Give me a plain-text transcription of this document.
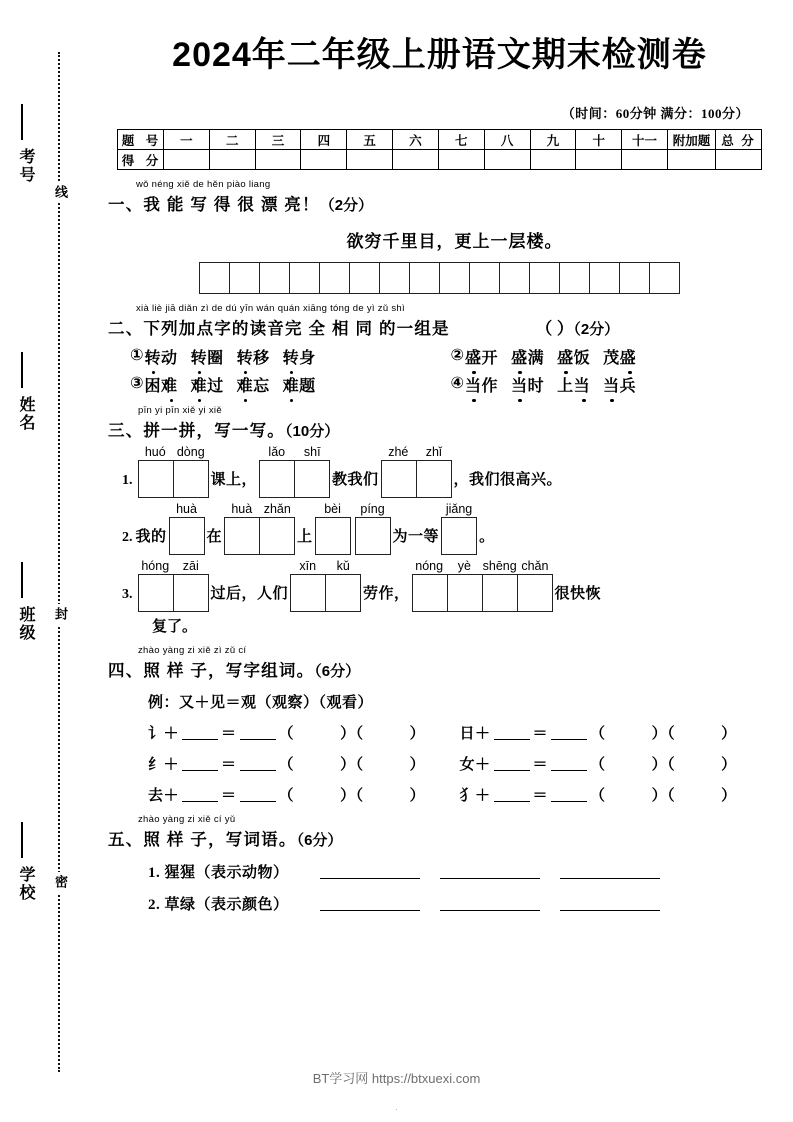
考号
姓名
班级
学校
线
封
密
2024年二年级上册语文期末检测卷
（时间：60分钟 满分：100分）
题 号	一	二	三	四	五	六	七	八	九	十	十一	附加题	总 分
得 分													
wǒ néng xiě de hěn piào liang
一、我 能 写 得 很 漂 亮！（2分）
欲穷千里目，更上一层楼。
xià liè jiā diǎn zì de dú yīn wán quán xiāng tóng de yì zǔ shì
二、下列加点字的读音完 全 相 同 的一组是	（ ）（2分）
① 转动 转圈 转移 转身	② 盛开 盛满 盛饭 茂盛
③ 困难 难过 难忘 难题	④ 当作 当时 上当 当兵
pīn yi pīn xiě yi xiě
三、拼一拼，写一写。（10分）
1.
huó dòng
课上，
lǎo	shī
教我们
zhé	zhǐ
，我们很高兴。
2. 我的
huà
在
huà zhǎn
上
bèi	píng
为一等
jiǎng
。
3.
hóng	zāi
过后，人们
xīn	kǔ
劳作，
nóng	yè shēng chǎn
很快恢
复了。
zhào yàng zi xiě zì zǔ cí
四、照 样 子，写字组词。（6分）
例：又＋见＝观（观察）（观看）
讠＋	＝	（	）（	）	日＋	＝	（	）（	）
纟＋	＝	（	）（	）	女＋	＝	（	）（	）
去＋	＝	（	）（	）	犭＋	＝	（	）（	）
zhào yàng zi xiě cí yǔ
五、照 样 子，写词语。（6分）
1. 猩猩（表示动物）
2. 草绿（表示颜色）
BT学习网 https://btxuexi.com
·
